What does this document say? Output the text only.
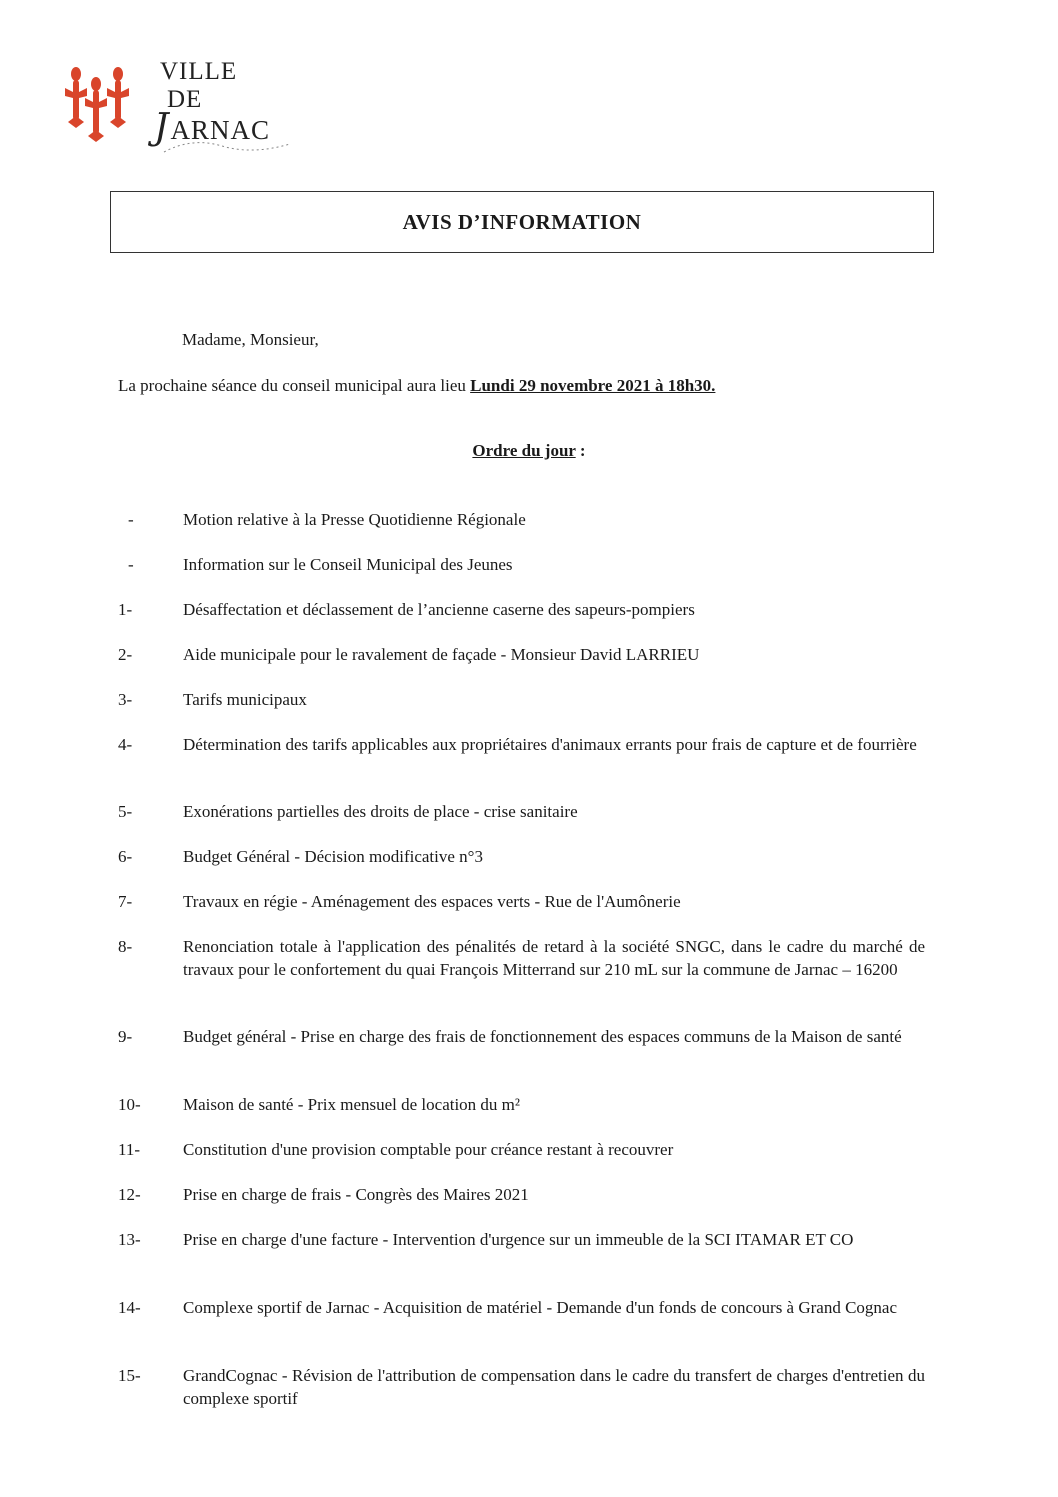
VILLE
DE
JARNAC
AVIS D’INFORMATION
Madame, Monsieur,
La prochaine séance du conseil municipal aura lieu Lundi 29 novembre 2021 à 18h30.
Ordre du jour :
-	Motion relative à la Presse Quotidienne Régionale
-	Information sur le Conseil Municipal des Jeunes
1-	Désaffectation et déclassement de l’ancienne caserne des sapeurs-pompiers
2-	Aide municipale pour le ravalement de façade - Monsieur David LARRIEU
3-	Tarifs municipaux
4-	Détermination des tarifs applicables aux propriétaires d'animaux errants pour frais de capture et de fourrière
5-	Exonérations partielles des droits de place - crise sanitaire
6-	Budget Général - Décision modificative n°3
7-	Travaux en régie - Aménagement des espaces verts - Rue de l'Aumônerie
8-	Renonciation totale à l'application des pénalités de retard à la société SNGC, dans le cadre du marché de travaux pour le confortement du quai François Mitterrand sur 210 mL sur la commune de Jarnac – 16200
9-	Budget général - Prise en charge des frais de fonctionnement des espaces communs de la Maison de santé
10-	Maison de santé - Prix mensuel de location du m²
11-	Constitution d'une provision comptable pour créance restant à recouvrer
12-	Prise en charge de frais - Congrès des Maires 2021
13-	Prise en charge d'une facture - Intervention d'urgence sur un immeuble de la SCI ITAMAR ET CO
14-	Complexe sportif de Jarnac - Acquisition de matériel - Demande d'un fonds de concours à Grand Cognac
15-	GrandCognac - Révision de l'attribution de compensation dans le cadre du transfert de charges d'entretien du complexe sportif
